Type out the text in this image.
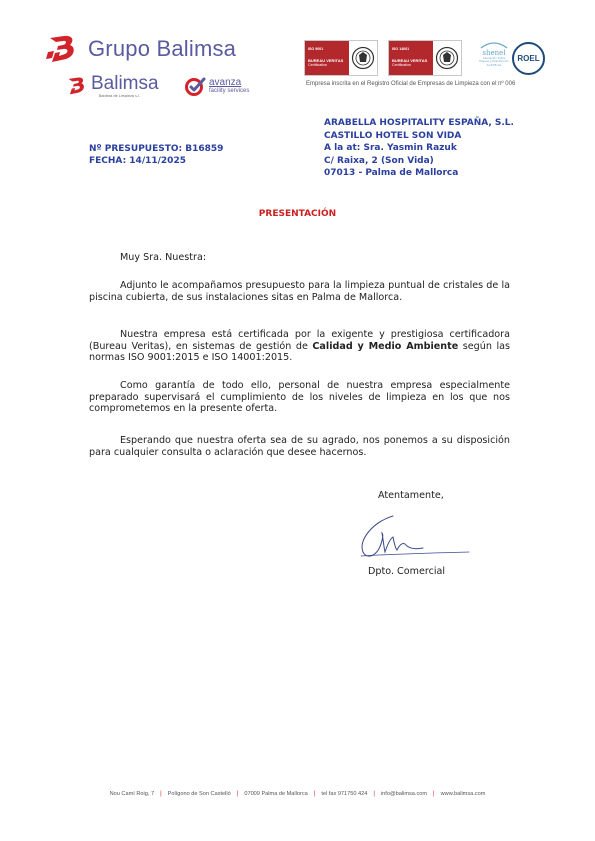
Grupo Balimsa
Balimsa
Baldeos de Limpieza s.l.
avanza
facility services
ISO 9001
BUREAU VERITAS
Certification
ISO 14001
BUREAU VERITAS
Certification
shenel
Asociación Sobre Higiene y Desinfección de Edificios
ROEL
Empresa inscrita en el Registro Oficial de Empresas de Limpieza con el nº 006
Nº PRESUPUESTO: B16859
FECHA: 14/11/2025
ARABELLA HOSPITALITY ESPAÑA, S.L.
CASTILLO HOTEL SON VIDA
A la at: Sra. Yasmin Razuk
C/ Raixa, 2 (Son Vida)
07013 - Palma de Mallorca
PRESENTACIÓN

Muy Sra. Nuestra:

Adjunto le acompañamos presupuesto para la limpieza puntual de cristales de la piscina cubierta, de sus instalaciones sitas en Palma de Mallorca.

Nuestra empresa está certificada por la exigente y prestigiosa certificadora (Bureau Veritas), en sistemas de gestión de Calidad y Medio Ambiente según las normas ISO 9001:2015 e ISO 14001:2015.

Como garantía de todo ello, personal de nuestra empresa especialmente preparado supervisará el cumplimiento de los niveles de limpieza en los que nos comprometemos en la presente oferta.

Esperando que nuestra oferta sea de su agrado, nos ponemos a su disposición para cualquier consulta o aclaración que desee hacernos.

Atentamente,
Dpto. Comercial
Nou Camí Roig, 7 | Polígono de Son Castelló | 07009 Palma de Mallorca | tel fax 971750 424 | info@balimsa.com | www.balimsa.com
